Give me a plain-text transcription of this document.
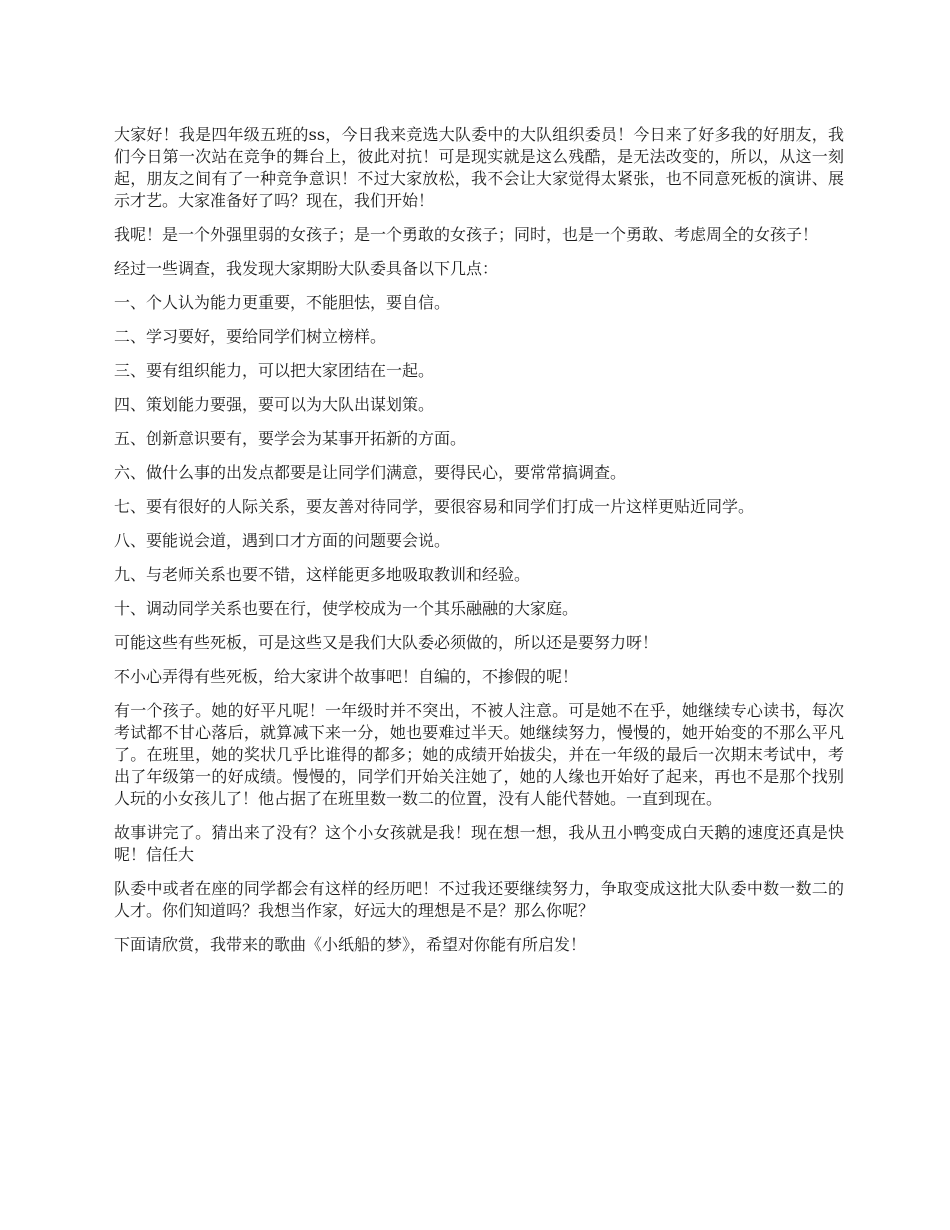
大家好！我是四年级五班的ss，今日我来竞选大队委中的大队组织委员！今日来了好多我的好朋友，我们今日第一次站在竞争的舞台上，彼此对抗！可是现实就是这么残酷，是无法改变的，所以，从这一刻起，朋友之间有了一种竞争意识！不过大家放松，我不会让大家觉得太紧张，也不同意死板的演讲、展示才艺。大家准备好了吗？现在，我们开始！

我呢！是一个外强里弱的女孩子；是一个勇敢的女孩子；同时，也是一个勇敢、考虑周全的女孩子！

经过一些调查，我发现大家期盼大队委具备以下几点：

一、个人认为能力更重要，不能胆怯，要自信。

二、学习要好，要给同学们树立榜样。

三、要有组织能力，可以把大家团结在一起。

四、策划能力要强，要可以为大队出谋划策。

五、创新意识要有，要学会为某事开拓新的方面。

六、做什么事的出发点都要是让同学们满意，要得民心，要常常搞调查。

七、要有很好的人际关系，要友善对待同学，要很容易和同学们打成一片这样更贴近同学。

八、要能说会道，遇到口才方面的问题要会说。

九、与老师关系也要不错，这样能更多地吸取教训和经验。

十、调动同学关系也要在行，使学校成为一个其乐融融的大家庭。

可能这些有些死板，可是这些又是我们大队委必须做的，所以还是要努力呀！

不小心弄得有些死板，给大家讲个故事吧！自编的，不掺假的呢！

有一个孩子。她的好平凡呢！一年级时并不突出，不被人注意。可是她不在乎，她继续专心读书，每次考试都不甘心落后，就算减下来一分，她也要难过半天。她继续努力，慢慢的，她开始变的不那么平凡了。在班里，她的奖状几乎比谁得的都多；她的成绩开始拔尖，并在一年级的最后一次期末考试中，考出了年级第一的好成绩。慢慢的，同学们开始关注她了，她的人缘也开始好了起来，再也不是那个找别人玩的小女孩儿了！他占据了在班里数一数二的位置，没有人能代替她。一直到现在。

故事讲完了。猜出来了没有？这个小女孩就是我！现在想一想，我从丑小鸭变成白天鹅的速度还真是快呢！信任大

队委中或者在座的同学都会有这样的经历吧！不过我还要继续努力，争取变成这批大队委中数一数二的人才。你们知道吗？我想当作家，好远大的理想是不是？那么你呢？

下面请欣赏，我带来的歌曲《小纸船的梦》，希望对你能有所启发！
